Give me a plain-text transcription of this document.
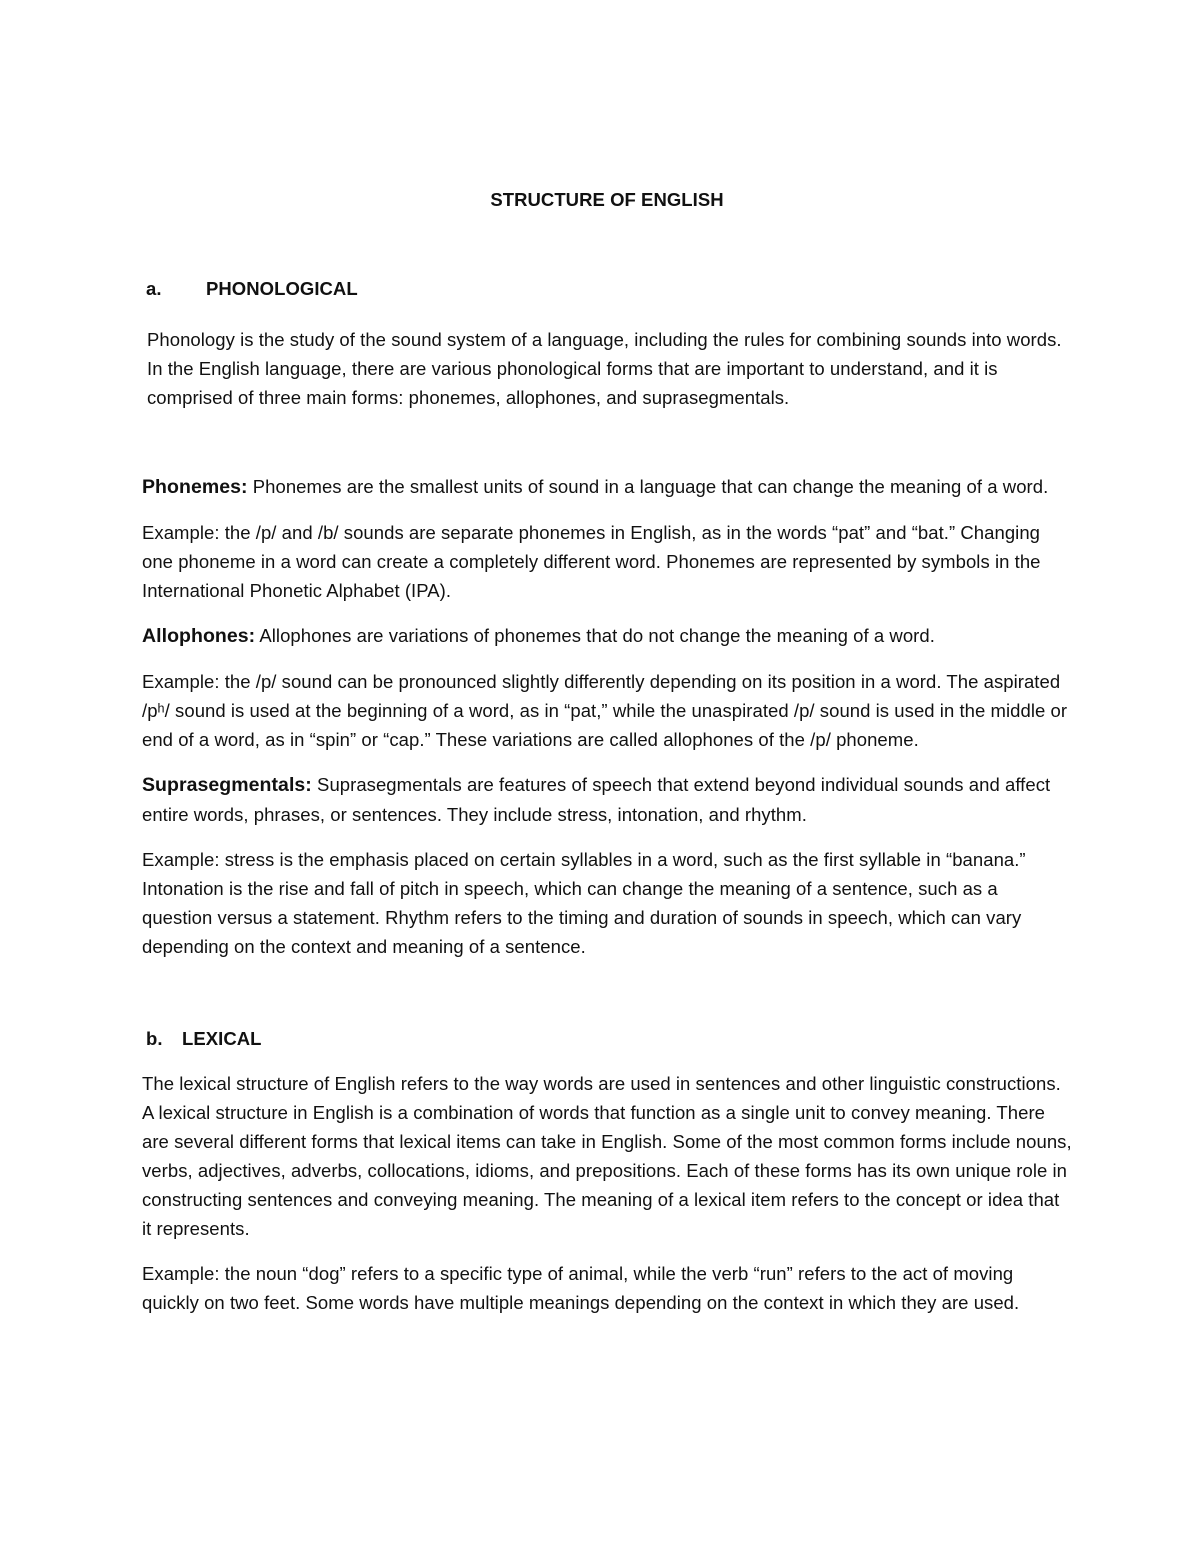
STRUCTURE OF ENGLISH
a.	PHONOLOGICAL

Phonology is the study of the sound system of a language, including the rules for combining sounds into words. In the English language, there are various phonological forms that are important to understand, and it is comprised of three main forms: phonemes, allophones, and suprasegmentals.

Phonemes: Phonemes are the smallest units of sound in a language that can change the meaning of a word.

Example: the /p/ and /b/ sounds are separate phonemes in English, as in the words “pat” and “bat.” Changing one phoneme in a word can create a completely different word. Phonemes are represented by symbols in the International Phonetic Alphabet (IPA).

Allophones: Allophones are variations of phonemes that do not change the meaning of a word.

Example: the /p/ sound can be pronounced slightly differently depending on its position in a word. The aspirated /pʰ/ sound is used at the beginning of a word, as in “pat,” while the unaspirated /p/ sound is used in the middle or end of a word, as in “spin” or “cap.” These variations are called allophones of the /p/ phoneme.

Suprasegmentals: Suprasegmentals are features of speech that extend beyond individual sounds and affect entire words, phrases, or sentences. They include stress, intonation, and rhythm.

Example: stress is the emphasis placed on certain syllables in a word, such as the first syllable in “banana.” Intonation is the rise and fall of pitch in speech, which can change the meaning of a sentence, such as a question versus a statement. Rhythm refers to the timing and duration of sounds in speech, which can vary depending on the context and meaning of a sentence.

b.	LEXICAL

The lexical structure of English refers to the way words are used in sentences and other linguistic constructions. A lexical structure in English is a combination of words that function as a single unit to convey meaning. There are several different forms that lexical items can take in English. Some of the most common forms include nouns, verbs, adjectives, adverbs, collocations, idioms, and prepositions. Each of these forms has its own unique role in constructing sentences and conveying meaning. The meaning of a lexical item refers to the concept or idea that it represents.

Example: the noun “dog” refers to a specific type of animal, while the verb “run” refers to the act of moving quickly on two feet. Some words have multiple meanings depending on the context in which they are used.
